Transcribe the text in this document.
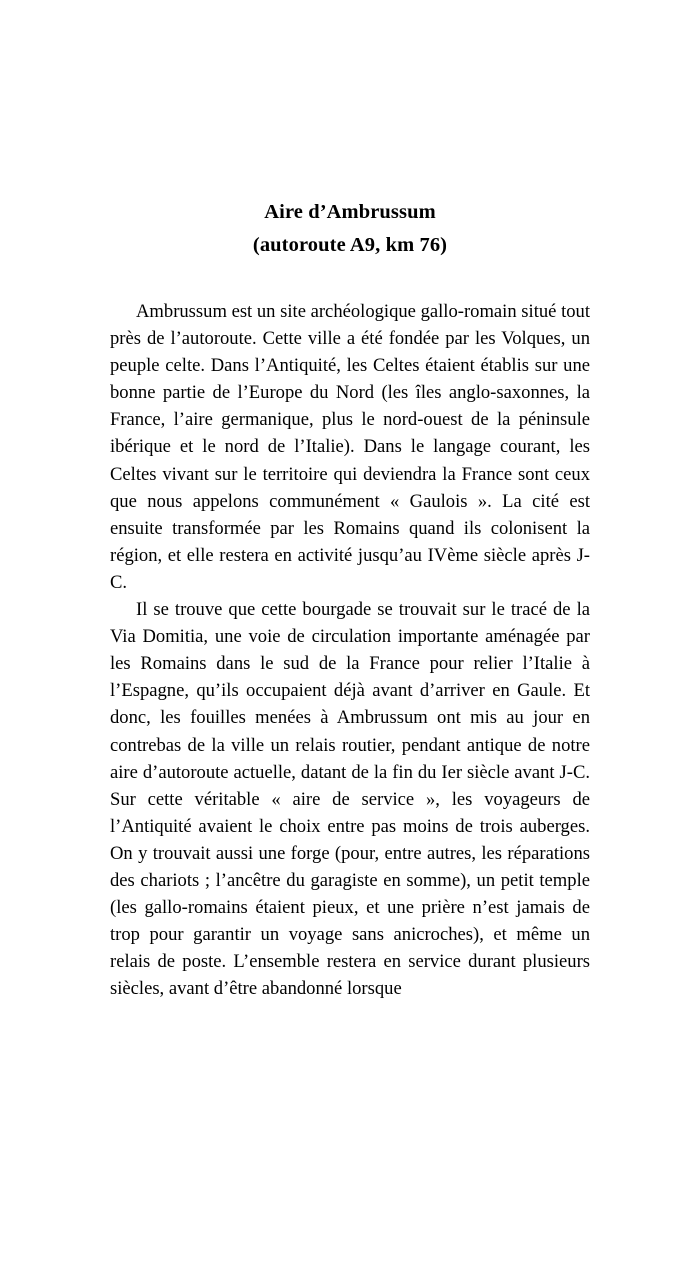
Aire d’Ambrussum
(autoroute A9, km 76)

Ambrussum est un site archéologique gallo-romain situé tout près de l’autoroute. Cette ville a été fondée par les Volques, un peuple celte. Dans l’Antiquité, les Celtes étaient établis sur une bonne partie de l’Europe du Nord (les îles anglo-saxonnes, la France, l’aire germanique, plus le nord-ouest de la péninsule ibérique et le nord de l’Italie). Dans le langage courant, les Celtes vivant sur le territoire qui deviendra la France sont ceux que nous appelons communément « Gaulois ». La cité est ensuite transformée par les Romains quand ils colonisent la région, et elle restera en activité jusqu’au IVème siècle après J-C.

Il se trouve que cette bourgade se trouvait sur le tracé de la Via Domitia, une voie de circulation importante aménagée par les Romains dans le sud de la France pour relier l’Italie à l’Espagne, qu’ils occupaient déjà avant d’arriver en Gaule. Et donc, les fouilles menées à Ambrussum ont mis au jour en contrebas de la ville un relais routier, pendant antique de notre aire d’autoroute actuelle, datant de la fin du Ier siècle avant J-C. Sur cette véritable « aire de service », les voyageurs de l’Antiquité avaient le choix entre pas moins de trois auberges. On y trouvait aussi une forge (pour, entre autres, les réparations des chariots ; l’ancêtre du garagiste en somme), un petit temple (les gallo-romains étaient pieux, et une prière n’est jamais de trop pour garantir un voyage sans anicroches), et même un relais de poste. L’ensemble restera en service durant plusieurs siècles, avant d’être abandonné lorsque
